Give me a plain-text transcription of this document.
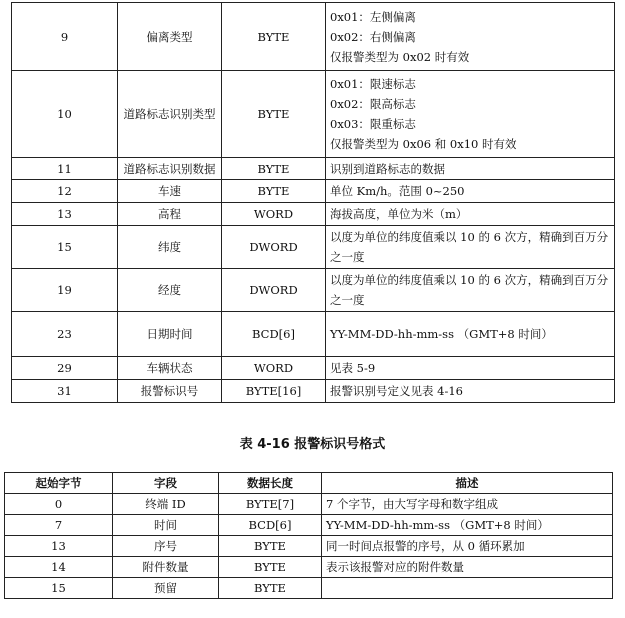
9	偏离类型	BYTE	0x01：左侧偏离
0x02：右侧偏离
仅报警类型为 0x02 时有效

10	道路标志识别类型	BYTE	0x01：限速标志
0x02：限高标志
0x03：限重标志
仅报警类型为 0x06 和 0x10 时有效

11	道路标志识别数据	BYTE	识别到道路标志的数据
12	车速	BYTE	单位 Km/h。范围 0~250
13	高程	WORD	海拔高度，单位为米（m）
15	纬度	DWORD	以度为单位的纬度值乘以 10 的 6 次方，精确到百万分之一度
19	经度	DWORD	以度为单位的纬度值乘以 10 的 6 次方，精确到百万分之一度
23	日期时间	BCD[6]	YY-MM-DD-hh-mm-ss （GMT+8 时间）
29	车辆状态	WORD	见表 5-9
31	报警标识号	BYTE[16]	报警识别号定义见表 4-16
表 4-16 报警标识号格式
起始字节	字段	数据长度	描述
0	终端 ID	BYTE[7]	7 个字节，由大写字母和数字组成
7	时间	BCD[6]	YY-MM-DD-hh-mm-ss （GMT+8 时间）
13	序号	BYTE	同一时间点报警的序号，从 0 循环累加
14	附件数量	BYTE	表示该报警对应的附件数量
15	预留	BYTE	
